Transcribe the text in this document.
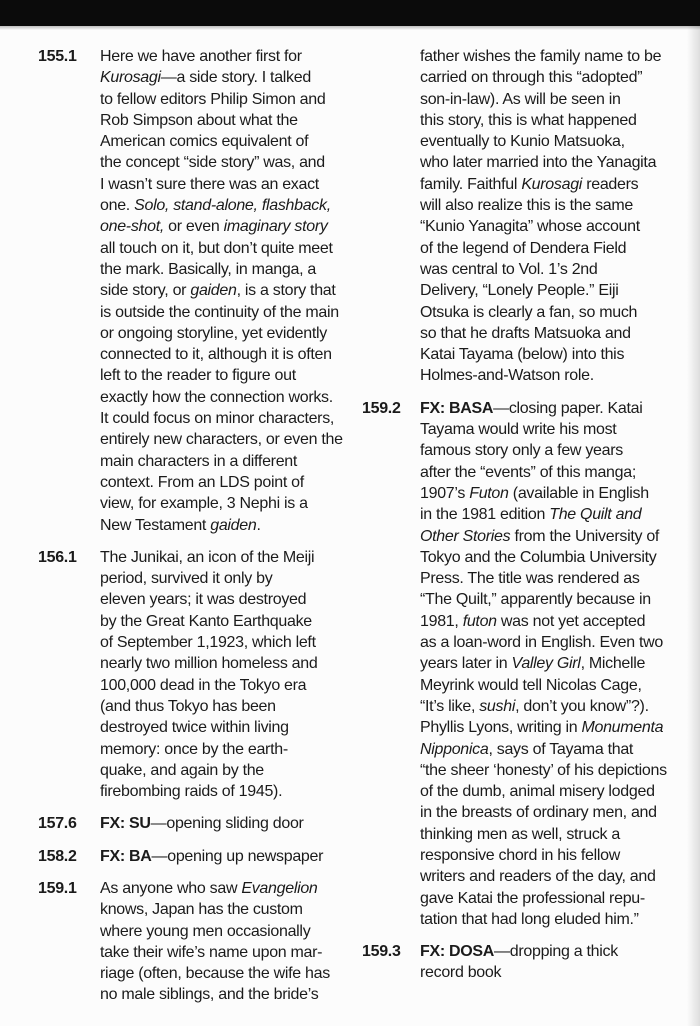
155.1	Here we have another first for
Kurosagi—a side story. I talked
to fellow editors Philip Simon and
Rob Simpson about what the
American comics equivalent of
the concept “side story” was, and
I wasn’t sure there was an exact
one. Solo, stand-alone, flashback,
one-shot, or even imaginary story
all touch on it, but don’t quite meet
the mark. Basically, in manga, a
side story, or gaiden, is a story that
is outside the continuity of the main
or ongoing storyline, yet evidently
connected to it, although it is often
left to the reader to figure out
exactly how the connection works.
It could focus on minor characters,
entirely new characters, or even the
main characters in a different
context. From an LDS point of
view, for example, 3 Nephi is a
New Testament gaiden.
156.1	The Junikai, an icon of the Meiji
period, survived it only by
eleven years; it was destroyed
by the Great Kanto Earthquake
of September 1,1923, which left
nearly two million homeless and
100,000 dead in the Tokyo era
(and thus Tokyo has been
destroyed twice within living
memory: once by the earth-
quake, and again by the
firebombing raids of 1945).
157.6	FX: SU—opening sliding door
158.2	FX: BA—opening up newspaper
159.1	As anyone who saw Evangelion
knows, Japan has the custom
where young men occasionally
take their wife’s name upon mar-
riage (often, because the wife has
no male siblings, and the bride’s
father wishes the family name to be
carried on through this “adopted”
son-in-law). As will be seen in
this story, this is what happened
eventually to Kunio Matsuoka,
who later married into the Yanagita
family. Faithful Kurosagi readers
will also realize this is the same
“Kunio Yanagita” whose account
of the legend of Dendera Field
was central to Vol. 1’s 2nd
Delivery, “Lonely People.” Eiji
Otsuka is clearly a fan, so much
so that he drafts Matsuoka and
Katai Tayama (below) into this
Holmes-and-Watson role.
159.2	FX: BASA—closing paper. Katai
Tayama would write his most
famous story only a few years
after the “events” of this manga;
1907’s Futon (available in English
in the 1981 edition The Quilt and
Other Stories from the University of
Tokyo and the Columbia University
Press. The title was rendered as
“The Quilt,” apparently because in
1981, futon was not yet accepted
as a loan-word in English. Even two
years later in Valley Girl, Michelle
Meyrink would tell Nicolas Cage,
“It’s like, sushi, don’t you know”?).
Phyllis Lyons, writing in Monumenta
Nipponica, says of Tayama that
“the sheer ‘honesty’ of his depictions
of the dumb, animal misery lodged
in the breasts of ordinary men, and
thinking men as well, struck a
responsive chord in his fellow
writers and readers of the day, and
gave Katai the professional repu-
tation that had long eluded him.”
159.3	FX: DOSA—dropping a thick
record book
